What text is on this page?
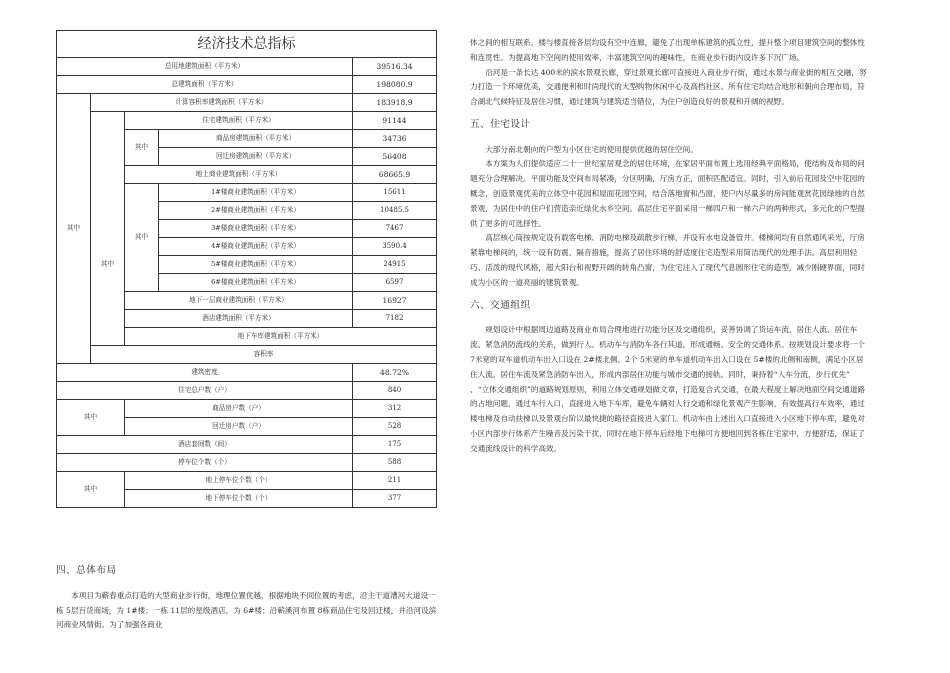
经济技术总指标					
总用地建筑面积（平方米）				39516.34	
总建筑面积（平方米）				198080.9	
其中	计算容积率建筑面积（平方米）			183918.9	
		住宅建筑面积（平方米）		91144	
		其中	商品房建筑面积（平方米）	34736	
			回迁房建筑面积（平方米）	56408	
		地上商业建筑面积（平方米）		68665.9	
	其中	其中	1#楼商业建筑面积（平方米）	15611	
			2#楼商业建筑面积（平方米）	10485.5	
			3#楼商业建筑面积（平方米）	7467	
			4#楼商业建筑面积（平方米）	3590.4	
			5#楼商业建筑面积（平方米）	24915	
			6#楼商业建筑面积（平方米）	6597	
		地下一层商业建筑面积（平方米）		16927	
		酒店建筑面积（平方米）		7182	
		地下车库建筑面积（平方米）	
	容积率	
建筑密度				48.72%	
住宅总户数（户）				840	
其中		商品房户数（户）		312	
		回迁房户数（户）		528	
酒店套间数（间）				175	
停车位个数（个）				588	
其中		地上停车位个数（个）		211	
		地下停车位个数（个）		377	
四、总体布局

本项目为蕲春重点打造的大型商业步行街，地理位置优越，根据地块不同位置的考虑，沿主干道漕河大道设一栋 5层百货商场，为 1#楼；一栋 11层的星级酒店，为 6#楼；沿蕲溪河布置 8栋商品住宅及回迁楼，并沿河设滨河商业风情街。为了加强各商业

体之间的相互联系，楼与楼直接各层均设有空中连廊，避免了出现单栋建筑的孤立性，提升整个项目建筑空间的整体性和连贯性。为提高地下空间的使用效率，丰富建筑空间的趣味性，在商业步行街内设许多下沉广场。

沿河是一条长达 400米的滨水景观长廊，穿过景观长廊可直接进入商业步行街，通过水景与商业街的相互交融，努力打造一个环境优美，交通便利和时尚现代的大型购物休闲中心及高档社区。所有住宅均结合地形和朝向合理布局，符合湖北气候特征及居住习惯，通过建筑与建筑适当错位，为住户创造良好的景观和开阔的视野。

五、住宅设计

大部分南北朝向的户型为小区住宅的使用提供优越的居住空间。

本方案为人们提供适应二十一世纪家居观念的居住环境，在家居平面布置上选用经典平面格局，使结构及布局的问题充分合理解决。平面功能及空间布局紧凑，分区明确，厅房方正，面积匹配适宜。同时，引入前后花园及空中花园的概念，创造景观优美的立体空中花园和屋面花园空间，结合落地窗和凸窗，使户内尽量多的房间能观赏花园绿地的自然景观，为居住中的住户们营造亲近绿化水乡空间。高层住宅平面采用一梯四户和一梯六户的两种形式，多元化的户型提供了更多的可选择性。

高层核心筒按规定设有载客电梯、消防电梯及疏散步行梯，并设有水电设备管井。楼梯间均有自然通风采光，厅房紧靠电梯间的，统一设有防震、隔音措施，提高了居住环境的舒适度住宅造型采用简洁现代的处理手法。高层利用轻巧、活泼的现代风格，超大阳台和视野开阔的转角凸窗，为住宅注入了现代气息圆形住宅的造型，减少刚硬界面，同时成为小区的一道亮丽的建筑景观。

六、交通组织

规划设计中根据周边道路及商业布局合理地进行功能分区及交通组织，妥善协调了货运车流、居住人流、居住车流、紧急消防流线的关系，做到行人、机动车与消防车各行其道，形成通畅、安全的交通体系。按规划设计要求将一个 7米宽的双车道机动车出入口设在 2#楼北侧、2个 5米宽的单车道机动车出入口设在 5#楼的北侧和南侧，满足小区居住人流、居住车流及紧急消防车出入，形成内部居住功能与城市交通的接轨。同时，秉持着“人车分流，步行优先” 、“立体交通组织”的道路规划原则，利用立体交通规划做文章，打造复合式交通，在最大程度上解决地面空间交通道路的占地问题，通过车行入口，直接进入地下车库，避免车辆对人行交通和绿化景观产生影响，有效提高行车效率，通过楼电梯及自动扶梯以及景观台阶以最快捷的路径直接进入家门。机动车由上述出入口直接进入小区地下停车库，避免对小区内部步行体系产生噪音及污染干扰，同时在地下停车后经地下电梯可方便地回到各栋住宅家中，方便舒适，保证了交通流线设计的科学高效。
